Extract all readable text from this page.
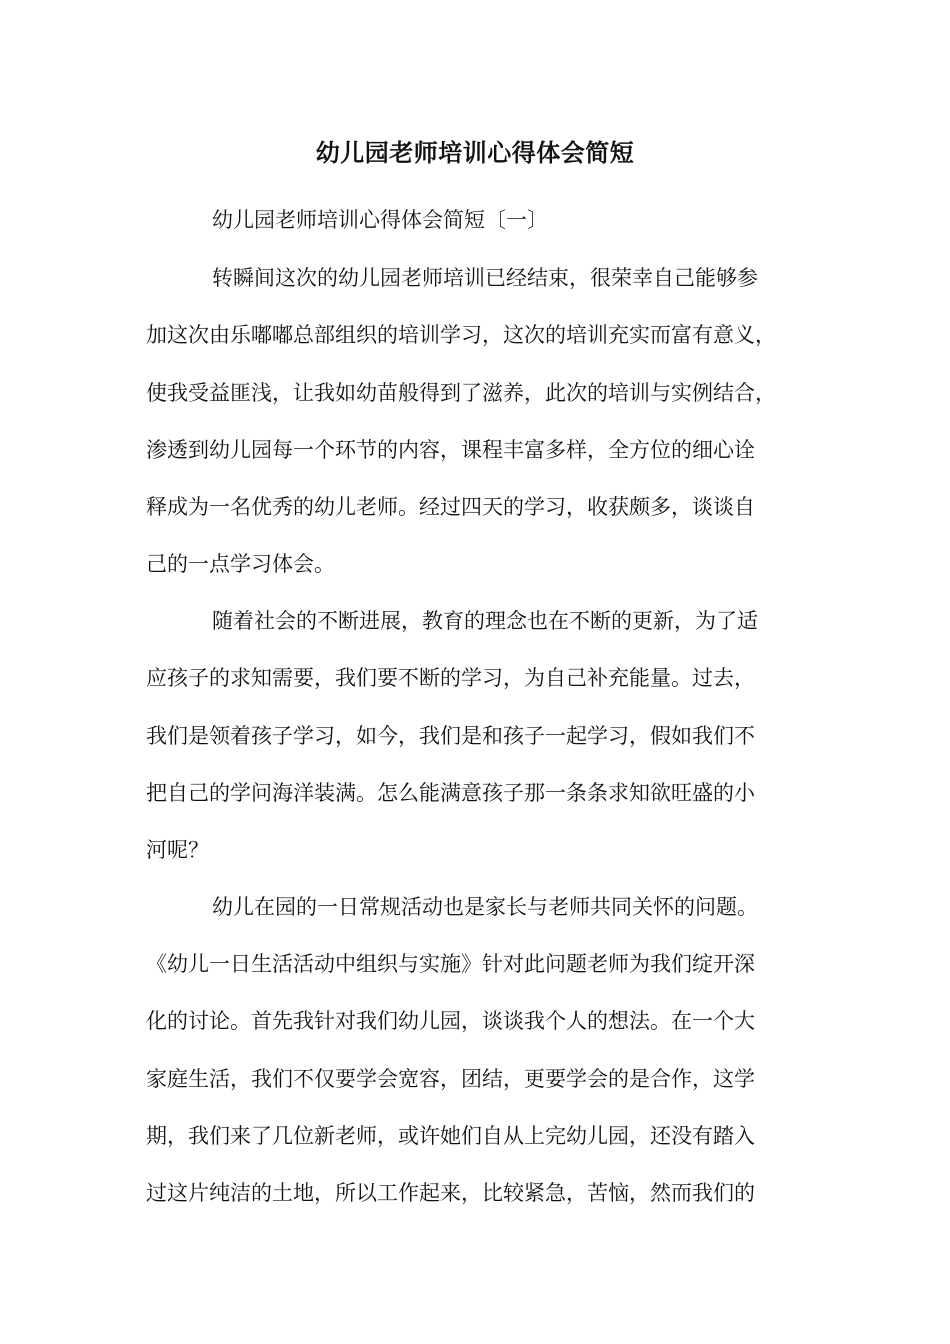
幼儿园老师培训心得体会简短
幼儿园老师培训心得体会简短〔一〕
转瞬间这次的幼儿园老师培训已经结束，很荣幸自己能够参
加这次由乐嘟嘟总部组织的培训学习，这次的培训充实而富有意义，
使我受益匪浅，让我如幼苗般得到了滋养，此次的培训与实例结合，
渗透到幼儿园每一个环节的内容，课程丰富多样，全方位的细心诠
释成为一名优秀的幼儿老师。经过四天的学习，收获颇多，谈谈自
己的一点学习体会。
随着社会的不断进展，教育的理念也在不断的更新，为了适
应孩子的求知需要，我们要不断的学习，为自己补充能量。过去，
我们是领着孩子学习，如今，我们是和孩子一起学习，假如我们不
把自己的学问海洋装满。怎么能满意孩子那一条条求知欲旺盛的小
河呢？
幼儿在园的一日常规活动也是家长与老师共同关怀的问题。
《幼儿一日生活活动中组织与实施》针对此问题老师为我们绽开深
化的讨论。首先我针对我们幼儿园，谈谈我个人的想法。在一个大
家庭生活，我们不仅要学会宽容，团结，更要学会的是合作，这学
期，我们来了几位新老师，或许她们自从上完幼儿园，还没有踏入
过这片纯洁的土地，所以工作起来，比较紧急，苦恼，然而我们的
